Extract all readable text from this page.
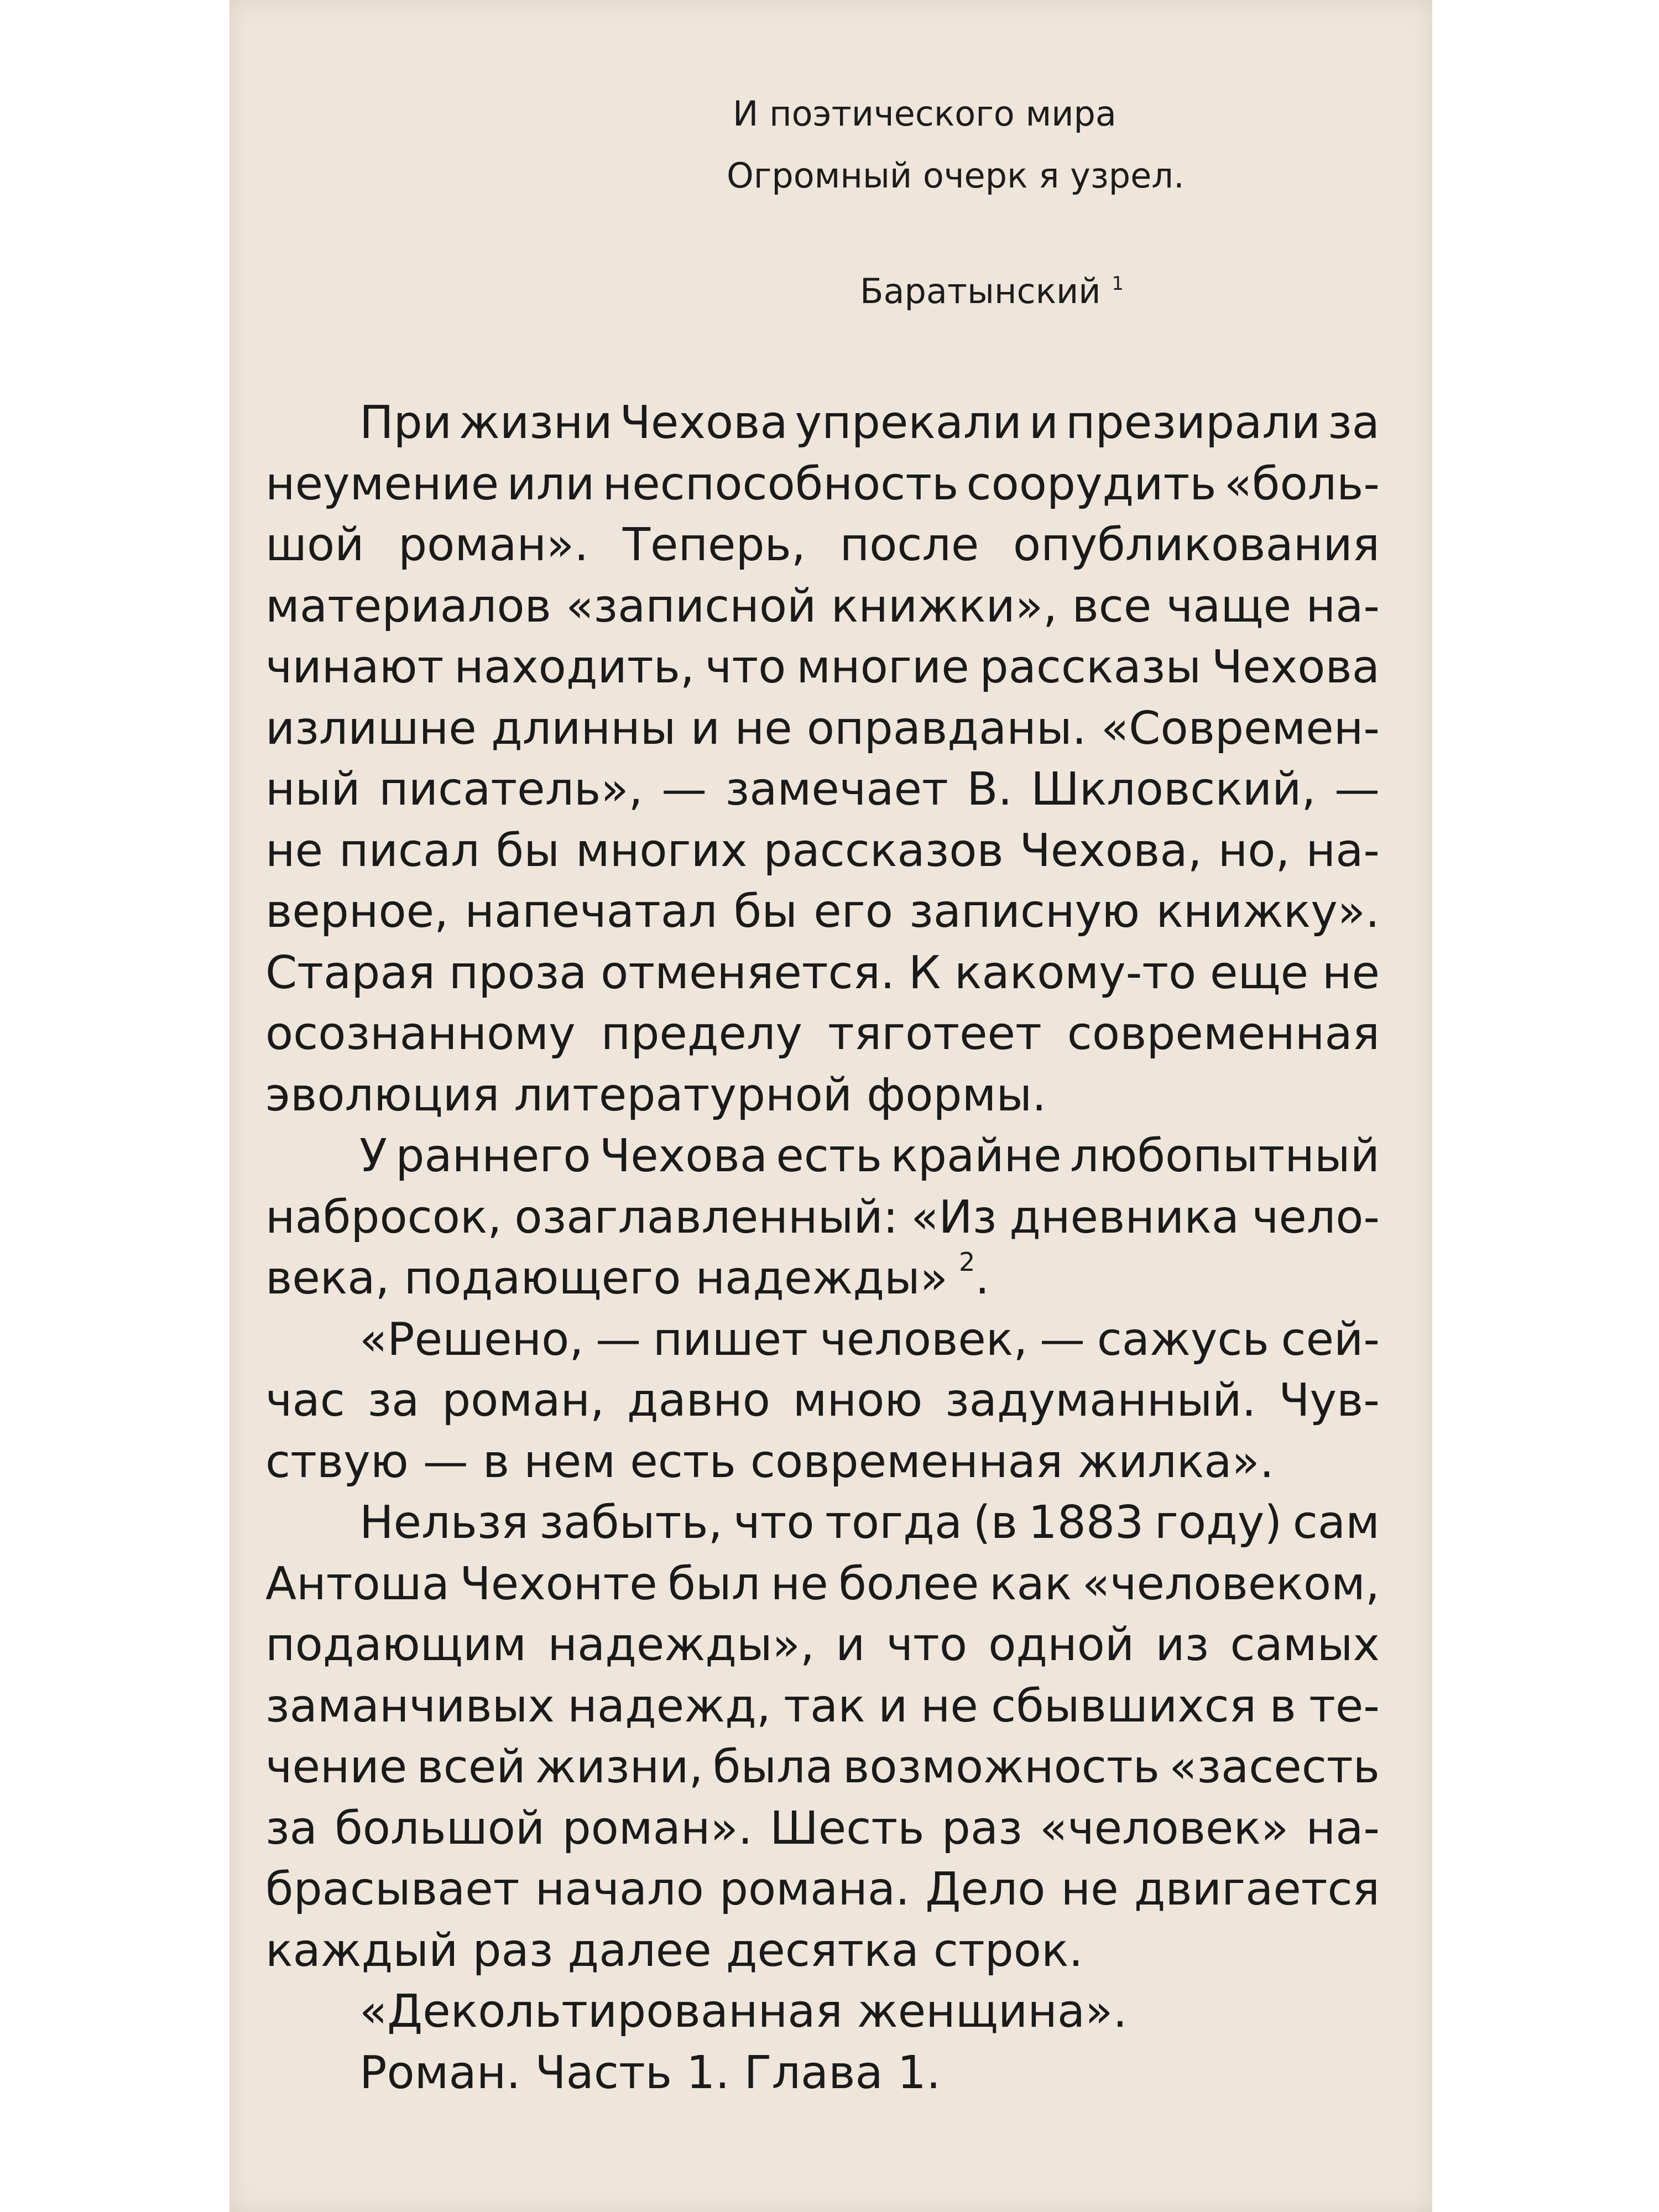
И поэтического мира
Огромный очерк я узрел.
Баратынский $^1$
При жизни Чехова упрекали и презирали за
неумение или неспособность соорудить «боль-
шой роман». Теперь, после опубликования
материалов «записной книжки», все чаще на-
чинают находить, что многие рассказы Чехова
излишне длинны и не оправданы. «Современ-
ный писатель», — замечает В. Шкловский, —
не писал бы многих рассказов Чехова, но, на-
верное, напечатал бы его записную книжку».
Старая проза отменяется. К какому-то еще не
осознанному пределу тяготеет современная
эволюция литературной формы.
У раннего Чехова есть крайне любопытный
набросок, озаглавленный: «Из дневника чело-
века, подающего надежды» $^2$ .
«Решено, — пишет человек, — сажусь сей-
час за роман, давно мною задуманный. Чув-
ствую — в нем есть современная жилка».
Нельзя забыть, что тогда (в 1883 году) сам
Антоша Чехонте был не более как «человеком,
подающим надежды», и что одной из самых
заманчивых надежд, так и не сбывшихся в те-
чение всей жизни, была возможность «засесть
за большой роман». Шесть раз «человек» на-
брасывает начало романа. Дело не двигается
каждый раз далее десятка строк.
«Декольтированная женщина».
Роман. Часть 1. Глава 1.
